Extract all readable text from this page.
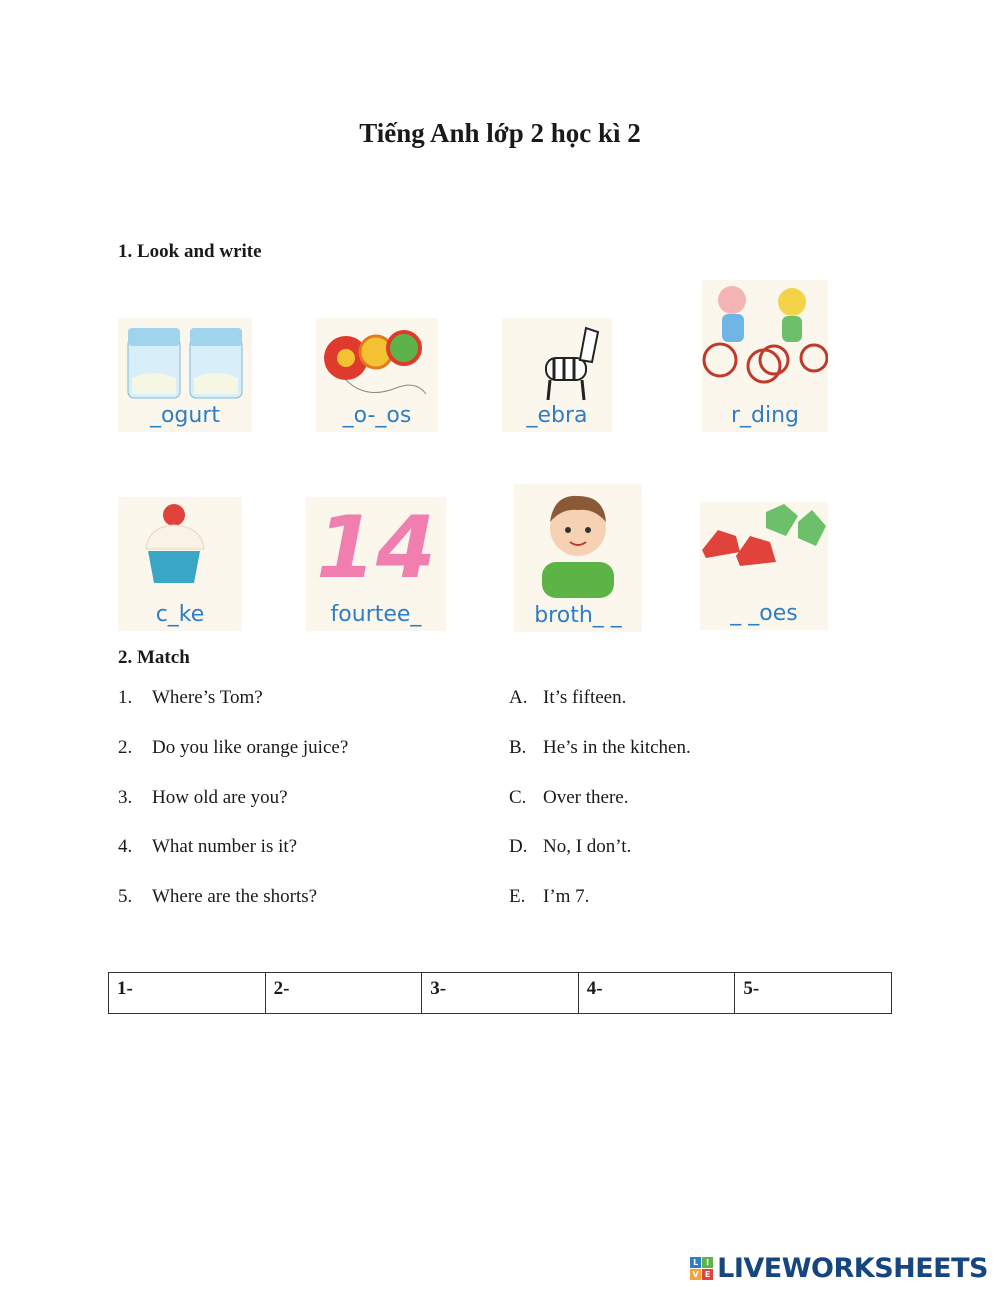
Tiếng Anh lớp 2 học kì 2
1. Look and write
_ogurt	_o-_os	_ebra	r_ding
c_ke
14
fourtee_	broth_ _	_ _oes
2. Match
1.	Where’s Tom?
2.	Do you like orange juice?
3.	How old are you?
4.	What number is it?
5.	Where are the shorts?
A. It’s fifteen.
B. He’s in the kitchen.
C. Over there.
D. No, I don’t.
E. I’m 7.
1-	2-	3-	4-	5-
L I
V E LIVEWORKSHEETS
